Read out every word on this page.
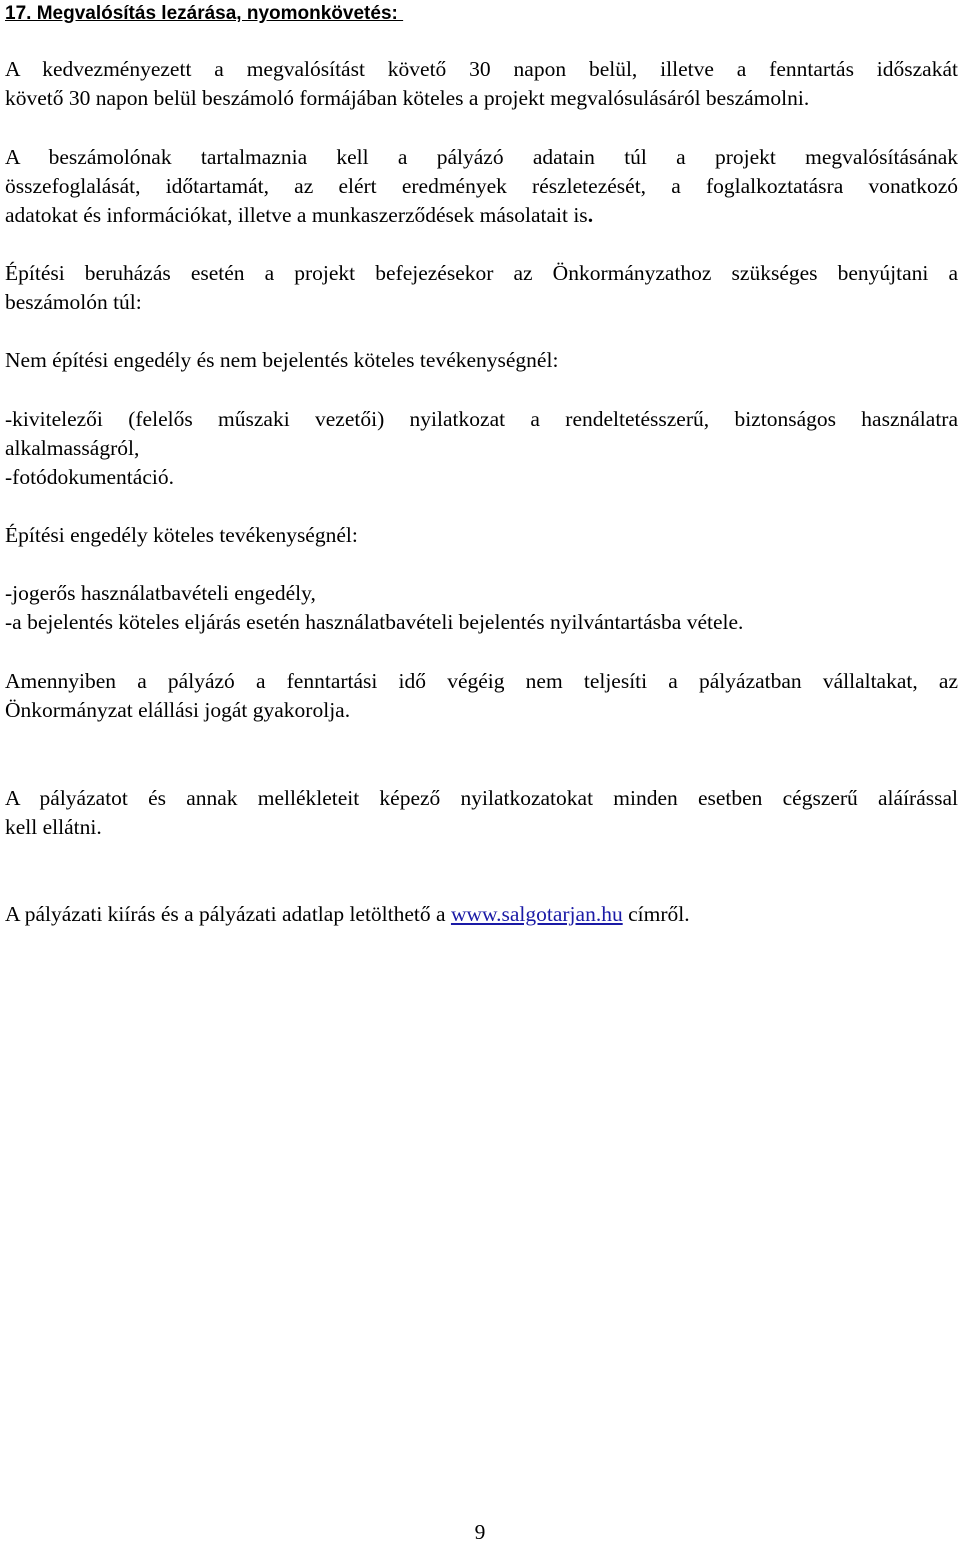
17. Megvalósítás lezárása, nyomonkövetés:

A kedvezményezett a megvalósítást követő 30 napon belül, illetve a fenntartás időszakát
követő 30 napon belül beszámoló formájában köteles a projekt megvalósulásáról beszámolni.

A beszámolónak tartalmaznia kell a pályázó adatain túl a projekt megvalósításának
összefoglalását, időtartamát, az elért eredmények részletezését, a foglalkoztatásra vonatkozó
adatokat és információkat, illetve a munkaszerződések másolatait is.

Építési beruházás esetén a projekt befejezésekor az Önkormányzathoz szükséges benyújtani a
beszámolón túl:

Nem építési engedély és nem bejelentés köteles tevékenységnél:

-kivitelezői (felelős műszaki vezetői) nyilatkozat a rendeltetésszerű, biztonságos használatra
alkalmasságról,
-fotódokumentáció.

Építési engedély köteles tevékenységnél:

-jogerős használatbavételi engedély,
-a bejelentés köteles eljárás esetén használatbavételi bejelentés nyilvántartásba vétele.

Amennyiben a pályázó a fenntartási idő végéig nem teljesíti a pályázatban vállaltakat, az
Önkormányzat elállási jogát gyakorolja.

A pályázatot és annak mellékleteit képező nyilatkozatokat minden esetben cégszerű aláírással
kell ellátni.

A pályázati kiírás és a pályázati adatlap letölthető a www.salgotarjan.hu címről.

9
